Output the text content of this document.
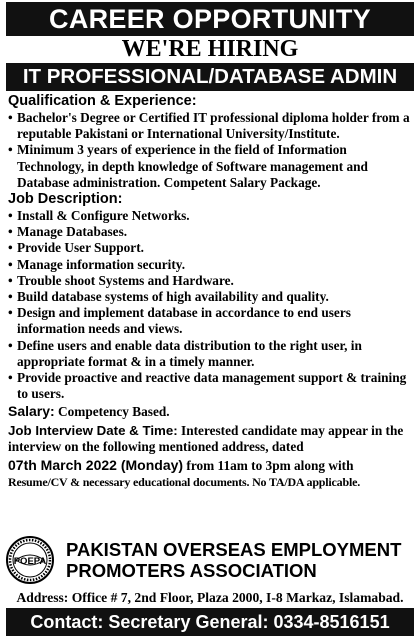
CAREER OPPORTUNITY
WE'RE HIRING
IT PROFESSIONAL/DATABASE ADMIN

Qualification & Experience:

• Bachelor's Degree or Certified IT professional diploma holder from a reputable Pakistani or International University/Institute.
• Minimum 3 years of experience in the field of Information Technology, in depth knowledge of Software management and Database administration. Competent Salary Package.

Job Description:

• Install & Configure Networks.
• Manage Databases.
• Provide User Support.
• Manage information security.
• Trouble shoot Systems and Hardware.
• Build database systems of high availability and quality.
• Design and implement database in accordance to end users information needs and views.
• Define users and enable data distribution to the right user, in appropriate format & in a timely manner.
• Provide proactive and reactive data management support & training to users.

Salary: Competency Based.

Job Interview Date & Time: Interested candidate may appear in the interview on the following mentioned address, dated

07th March 2022 (Monday) from 11am to 3pm along with

Resume/CV & necessary educational documents. No TA/DA applicable.

POEPA
PAKISTAN OVERSEAS EMPLOYMENT
PROMOTERS ASSOCIATION
Address: Office # 7, 2nd Floor, Plaza 2000, I-8 Markaz, Islamabad.
Contact: Secretary General: 0334-8516151
